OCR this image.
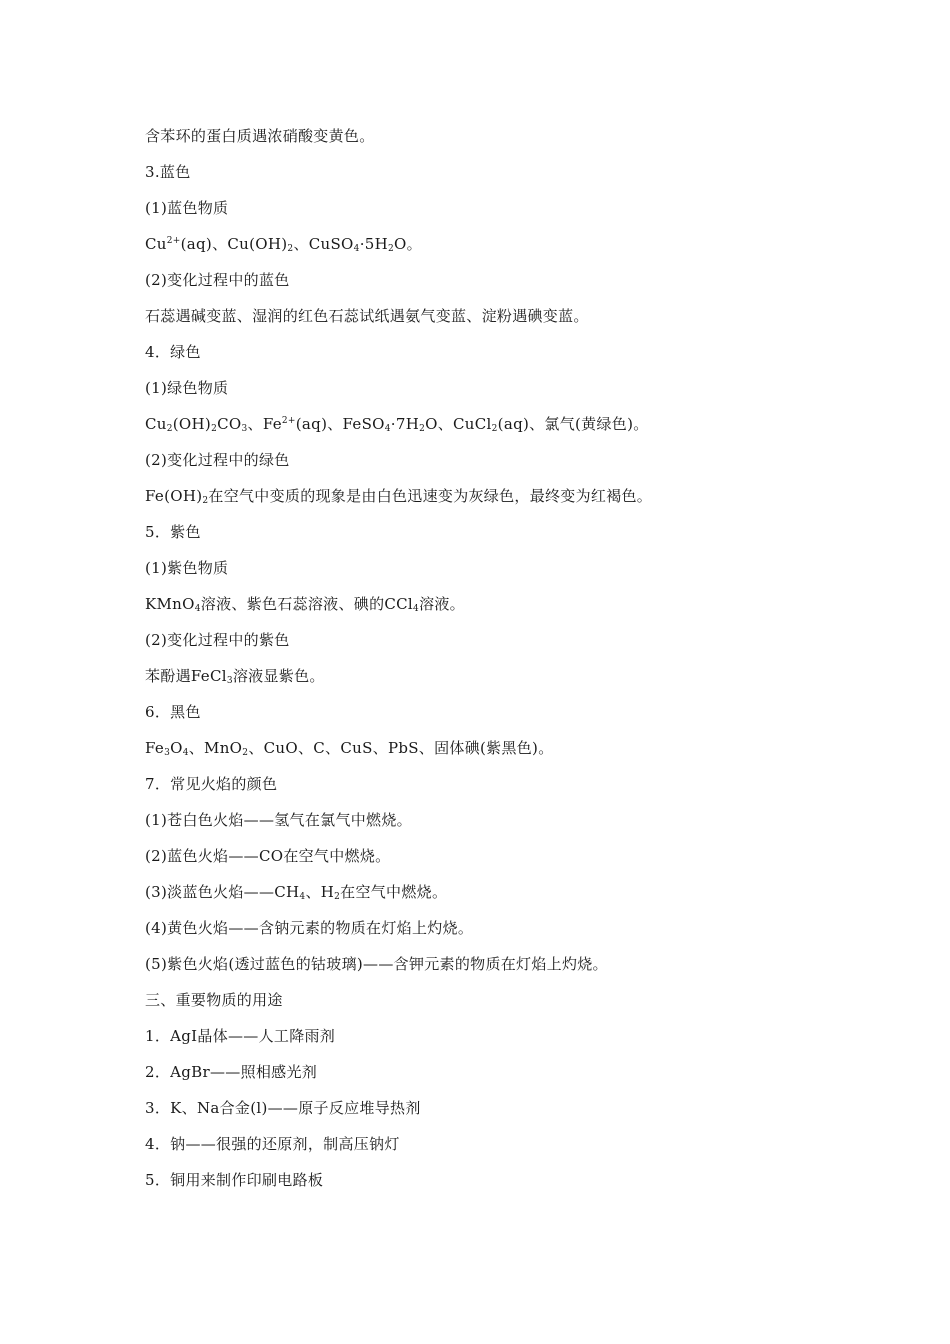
含苯环的蛋白质遇浓硝酸变黄色。
3.蓝色
(1)蓝色物质
$Cu^{2+}(aq)$、$Cu(OH)_2$、$CuSO_4\cdot 5H_2O$。
(2)变化过程中的蓝色
石蕊遇碱变蓝、湿润的红色石蕊试纸遇氨气变蓝、淀粉遇碘变蓝。
4．绿色
(1)绿色物质
$Cu_2(OH)_2CO_3$、$Fe^{2+}(aq)$、$FeSO_4\cdot 7H_2O$、CuCl$_2$(aq)、氯气(黄绿色)。
(2)变化过程中的绿色
$Fe(OH)_2$在空气中变质的现象是由白色迅速变为灰绿色，最终变为红褐色。
5．紫色
(1)紫色物质
KMnO$_4$溶液、紫色石蕊溶液、碘的CCl$_4$溶液。
(2)变化过程中的紫色
苯酚遇FeCl$_3$溶液显紫色。
6．黑色
$Fe_3O_4$、MnO$_2$、CuO、C、CuS、PbS、固体碘(紫黑色)。
7．常见火焰的颜色
(1)苍白色火焰——氢气在氯气中燃烧。
(2)蓝色火焰——CO在空气中燃烧。
(3)淡蓝色火焰$——CH_4$、$H_2$在空气中燃烧。
(4)黄色火焰——含钠元素的物质在灯焰上灼烧。
(5)紫色火焰(透过蓝色的钴玻璃)——含钾元素的物质在灯焰上灼烧。
三、重要物质的用途
1．AgI晶体——人工降雨剂
2．AgBr——照相感光剂
3．K、Na合金(l)——原子反应堆导热剂
4．钠——很强的还原剂，制高压钠灯
5．铜用来制作印刷电路板
